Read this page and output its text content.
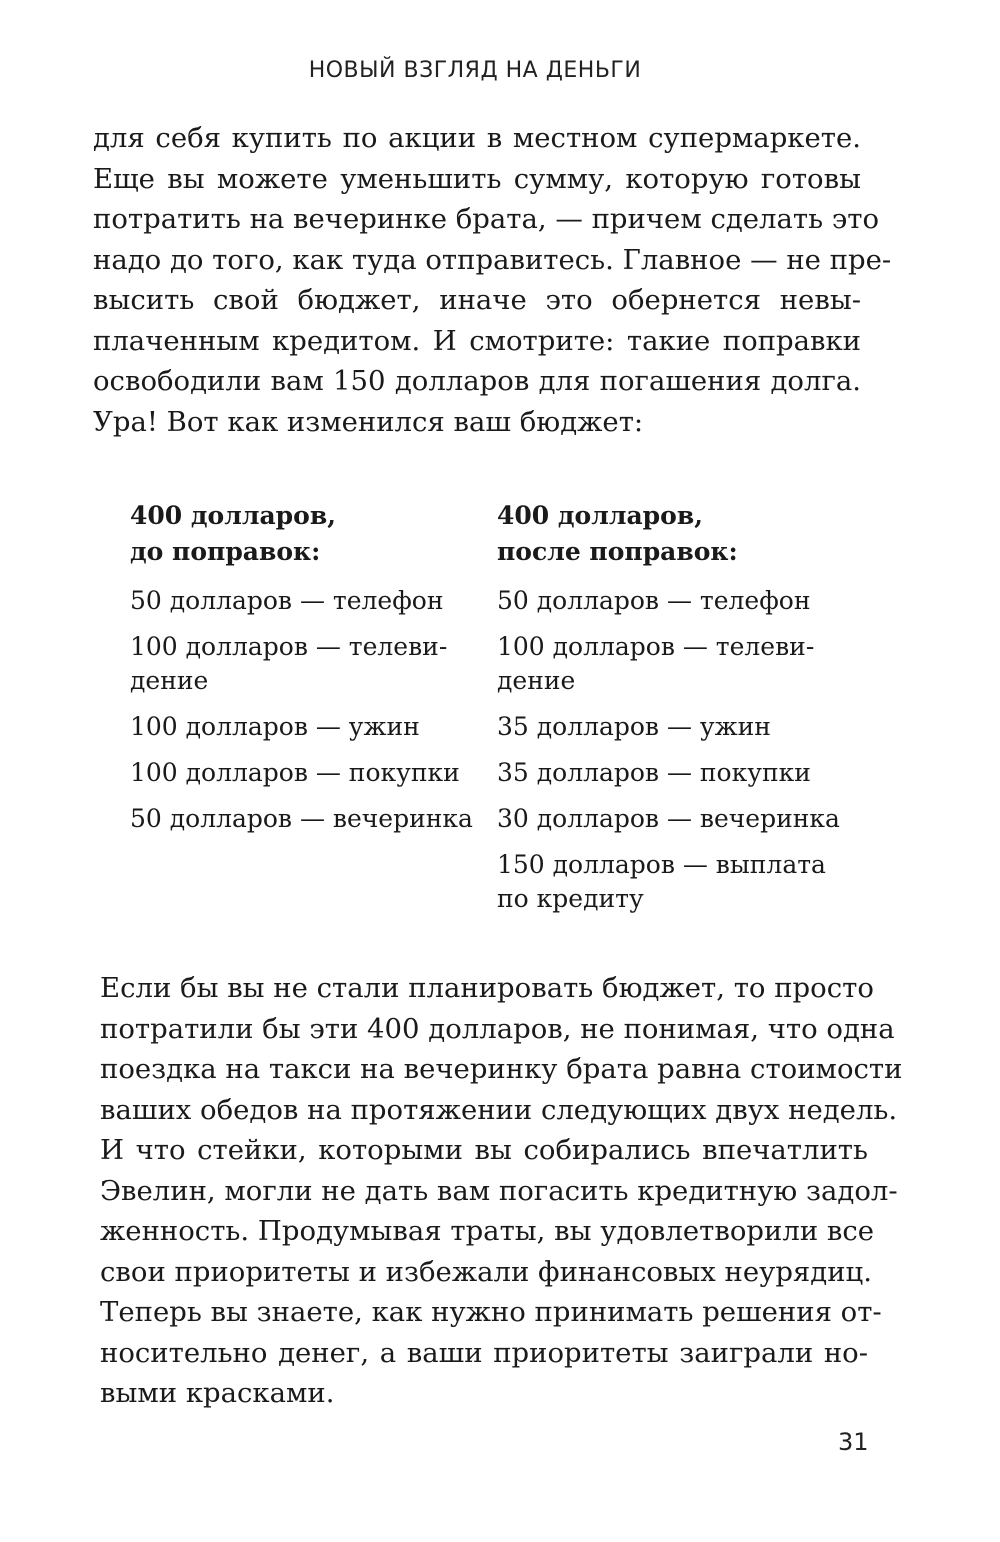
НОВЫЙ ВЗГЛЯД НА ДЕНЬГИ

для себя купить по акции в местном супермаркете.
Еще вы можете уменьшить сумму, которую готовы
потратить на вечеринке брата, — причем сделать это
надо до того, как туда отправитесь. Главное — не пре-
высить свой бюджет, иначе это обернется невы-
плаченным кредитом. И смотрите: такие поправки
освободили вам 150 долларов для погашения долга.
Ура! Вот как изменился ваш бюджет:

400 долларов,
до поправок:
50 долларов — телефон
100 долларов — телеви-
дение
100 долларов — ужин
100 долларов — покупки
50 долларов — вечеринка
400 долларов,
после поправок:
50 долларов — телефон
100 долларов — телеви-
дение
35 долларов — ужин
35 долларов — покупки
30 долларов — вечеринка
150 долларов — выплата
по кредиту

Если бы вы не стали планировать бюджет, то просто
потратили бы эти 400 долларов, не понимая, что одна
поездка на такси на вечеринку брата равна стоимости
ваших обедов на протяжении следующих двух недель.
И что стейки, которыми вы собирались впечатлить
Эвелин, могли не дать вам погасить кредитную задол-
женность. Продумывая траты, вы удовлетворили все
свои приоритеты и избежали финансовых неурядиц.
Теперь вы знаете, как нужно принимать решения от-
носительно денег, а ваши приоритеты заиграли но-
выми красками.

31
